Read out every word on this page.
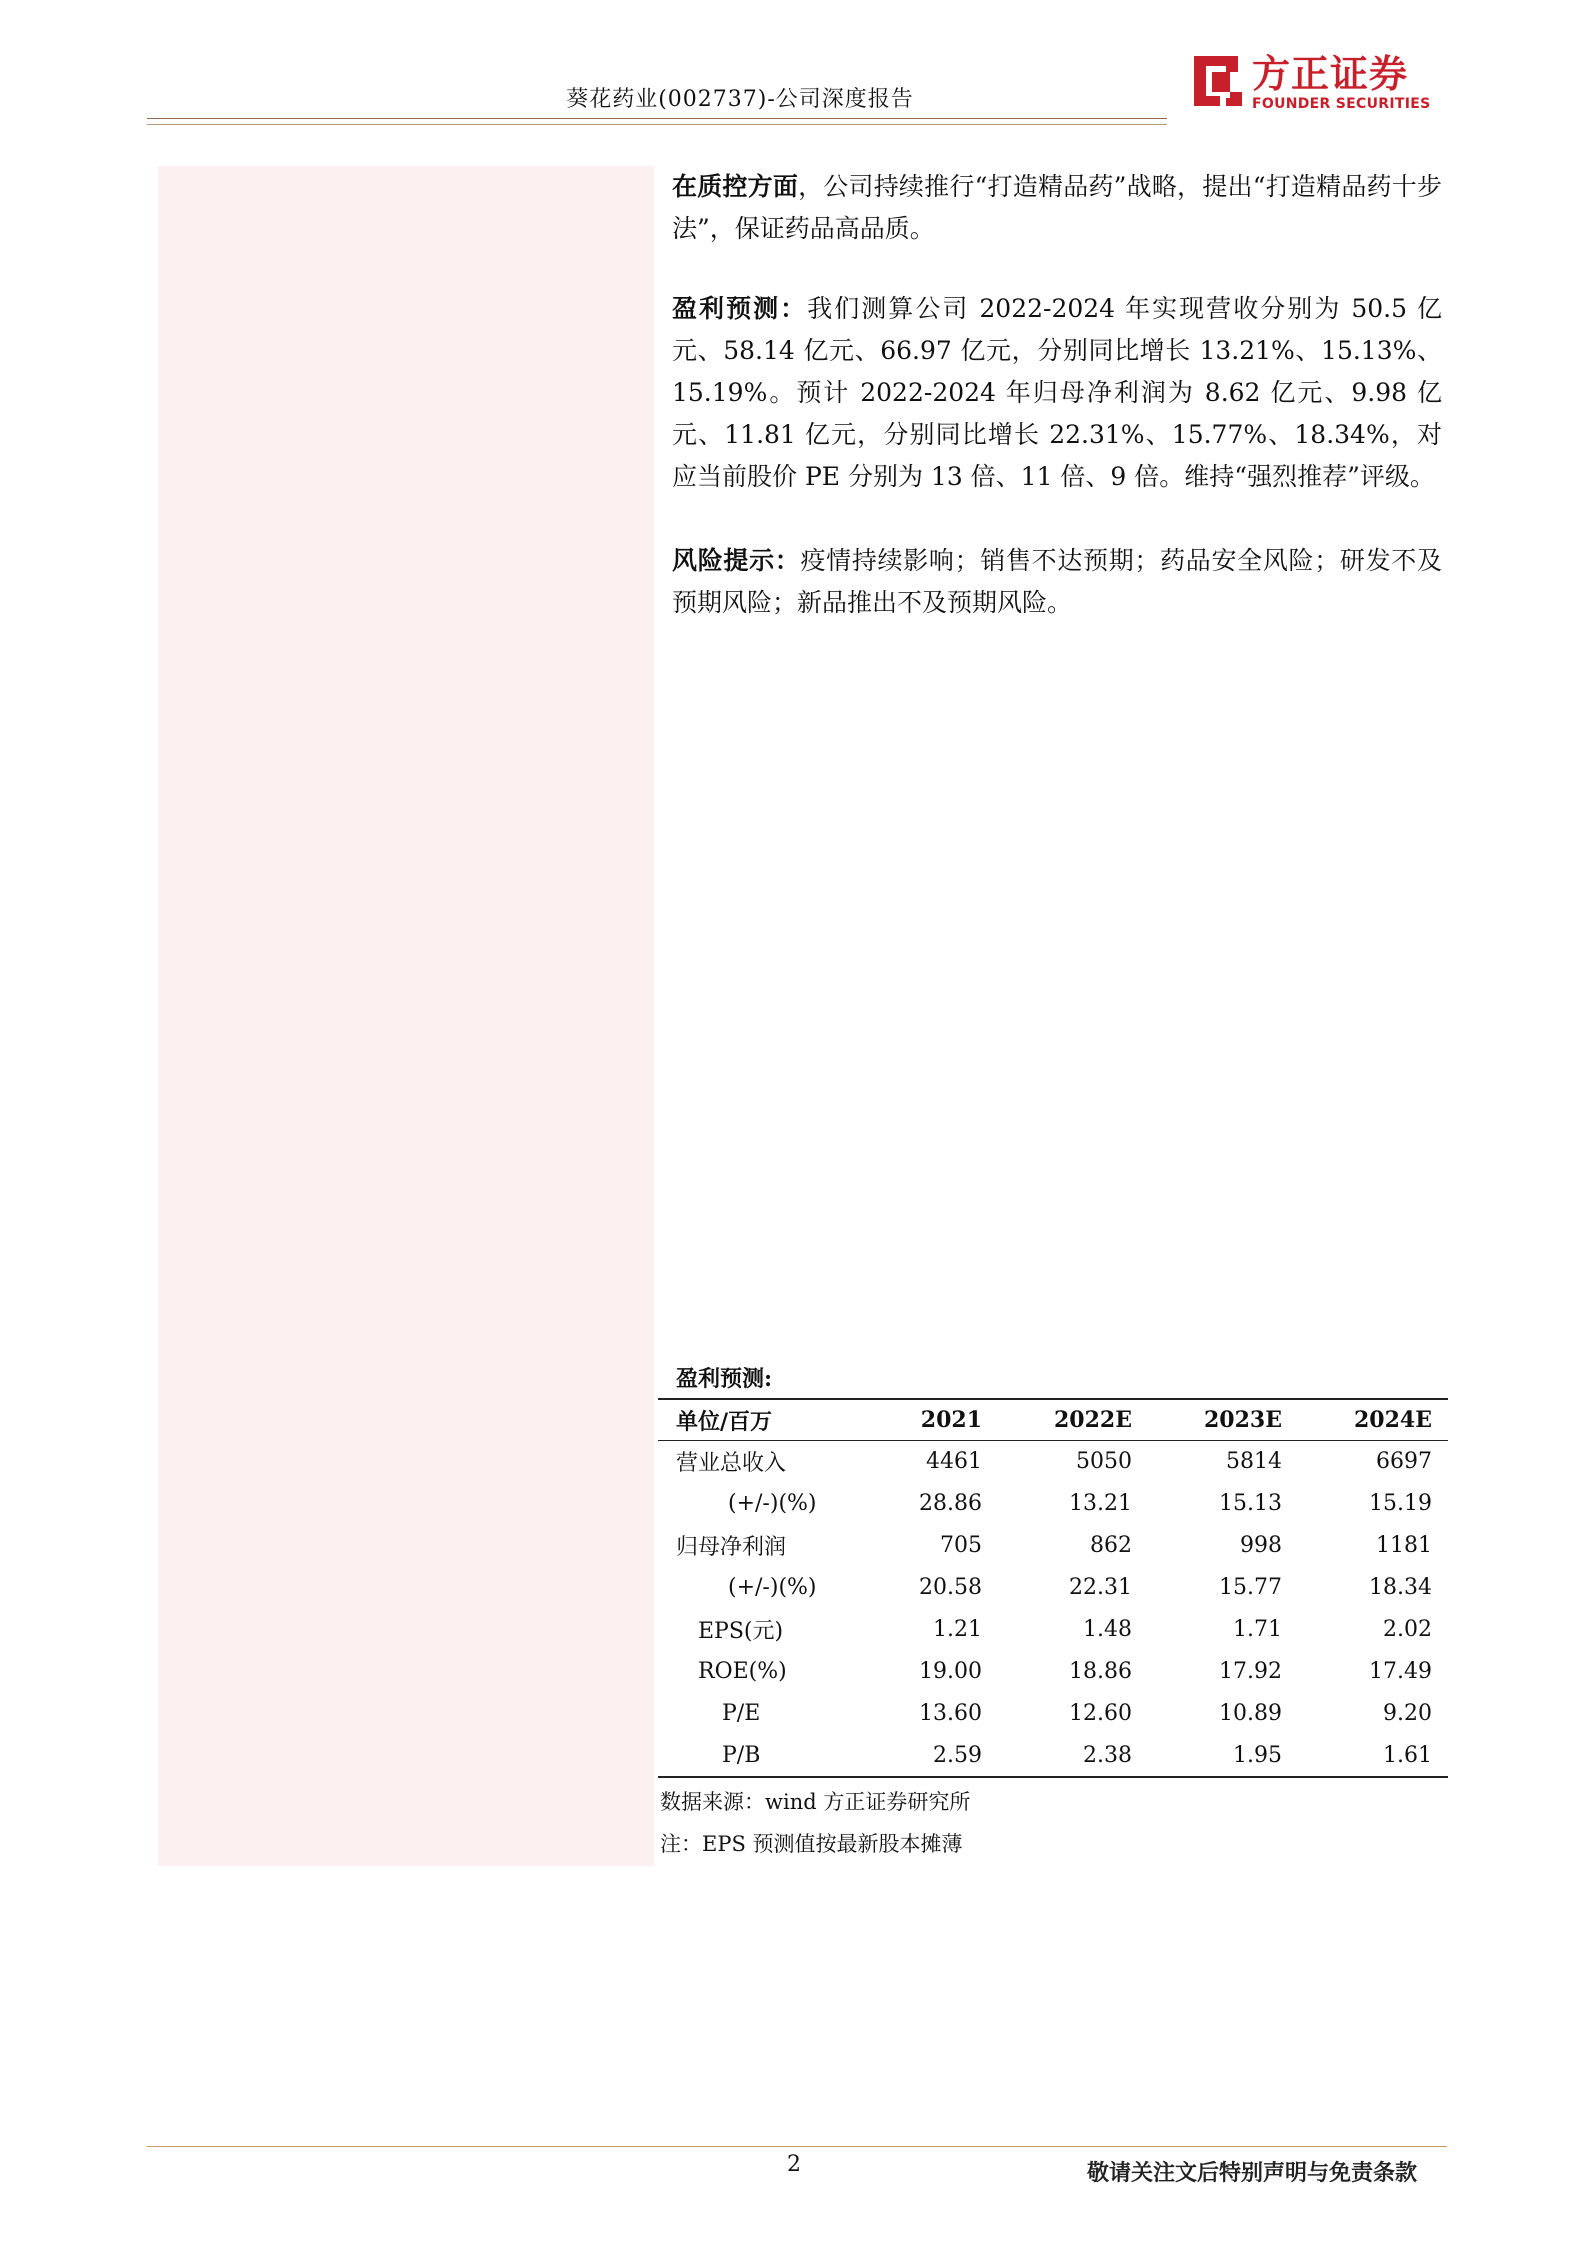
葵花药业(002737)-公司深度报告
方正证券
FOUNDER SECURITIES

在质控方面，公司持续推行“打造精品药”战略，提出“打造精品药十步法”，保证药品高品质。

盈利预测：我们测算公司 2022-2024 年实现营收分别为 50.5 亿元、58.14 亿元、66.97 亿元，分别同比增长 13.21%、15.13%、15.19%。预计 2022-2024 年归母净利润为 8.62 亿元、9.98 亿元、11.81 亿元，分别同比增长 22.31%、15.77%、18.34%，对应当前股价 PE 分别为 13 倍、11 倍、9 倍。维持“强烈推荐”评级。

风险提示：疫情持续影响；销售不达预期；药品安全风险；研发不及预期风险；新品推出不及预期风险。

盈利预测:
单位/百万	2021	2022E	2023E	2024E
营业总收入	4461	5050	5814	6697
(+/-)(%)	28.86	13.21	15.13	15.19
归母净利润	705	862	998	1181
(+/-)(%)	20.58	22.31	15.77	18.34
EPS(元)	1.21	1.48	1.71	2.02
ROE(%)	19.00	18.86	17.92	17.49
P/E	13.60	12.60	10.89	9.20
P/B	2.59	2.38	1.95	1.61
数据来源：wind 方正证券研究所
注：EPS 预测值按最新股本摊薄
2	敬请关注文后特别声明与免责条款
